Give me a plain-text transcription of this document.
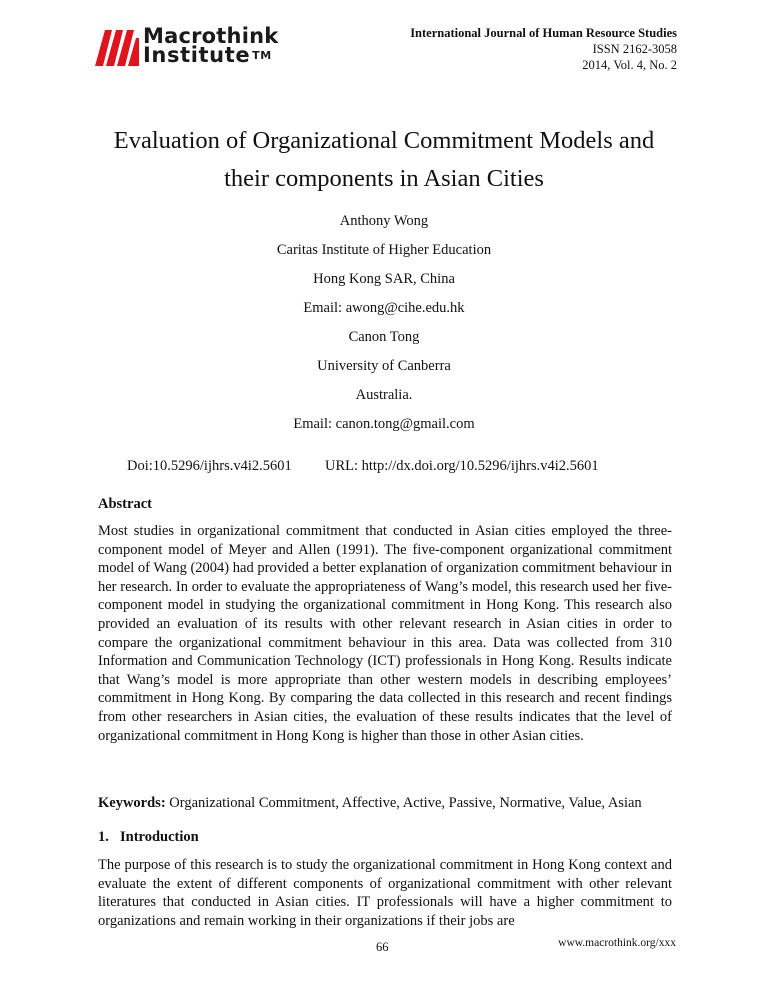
Macrothink
Institute ™
International Journal of Human Resource Studies
ISSN 2162-3058
2014, Vol. 4, No. 2
Evaluation of Organizational Commitment Models and
their components in Asian Cities
Anthony Wong
Caritas Institute of Higher Education
Hong Kong SAR, China
Email: awong@cihe.edu.hk
Canon Tong
University of Canberra
Australia.
Email: canon.tong@gmail.com
Doi:10.5296/ijhrs.v4i2.5601 URL: http://dx.doi.org/10.5296/ijhrs.v4i2.5601
Abstract

Most studies in organizational commitment that conducted in Asian cities employed the three-component model of Meyer and Allen (1991). The five-component organizational commitment model of Wang (2004) had provided a better explanation of organization commitment behaviour in her research. In order to evaluate the appropriateness of Wang’s model, this research used her five-component model in studying the organizational commitment in Hong Kong. This research also provided an evaluation of its results with other relevant research in Asian cities in order to compare the organizational commitment behaviour in this area. Data was collected from 310 Information and Communication Technology (ICT) professionals in Hong Kong. Results indicate that Wang’s model is more appropriate than other western models in describing employees’ commitment in Hong Kong. By comparing the data collected in this research and recent findings from other researchers in Asian cities, the evaluation of these results indicates that the level of organizational commitment in Hong Kong is higher than those in other Asian cities.

Keywords: Organizational Commitment, Affective, Active, Passive, Normative, Value, Asian
1. Introduction

The purpose of this research is to study the organizational commitment in Hong Kong context and evaluate the extent of different components of organizational commitment with other relevant literatures that conducted in Asian cities. IT professionals will have a higher commitment to organizations and remain working in their organizations if their jobs are

66	www.macrothink.org/xxx
